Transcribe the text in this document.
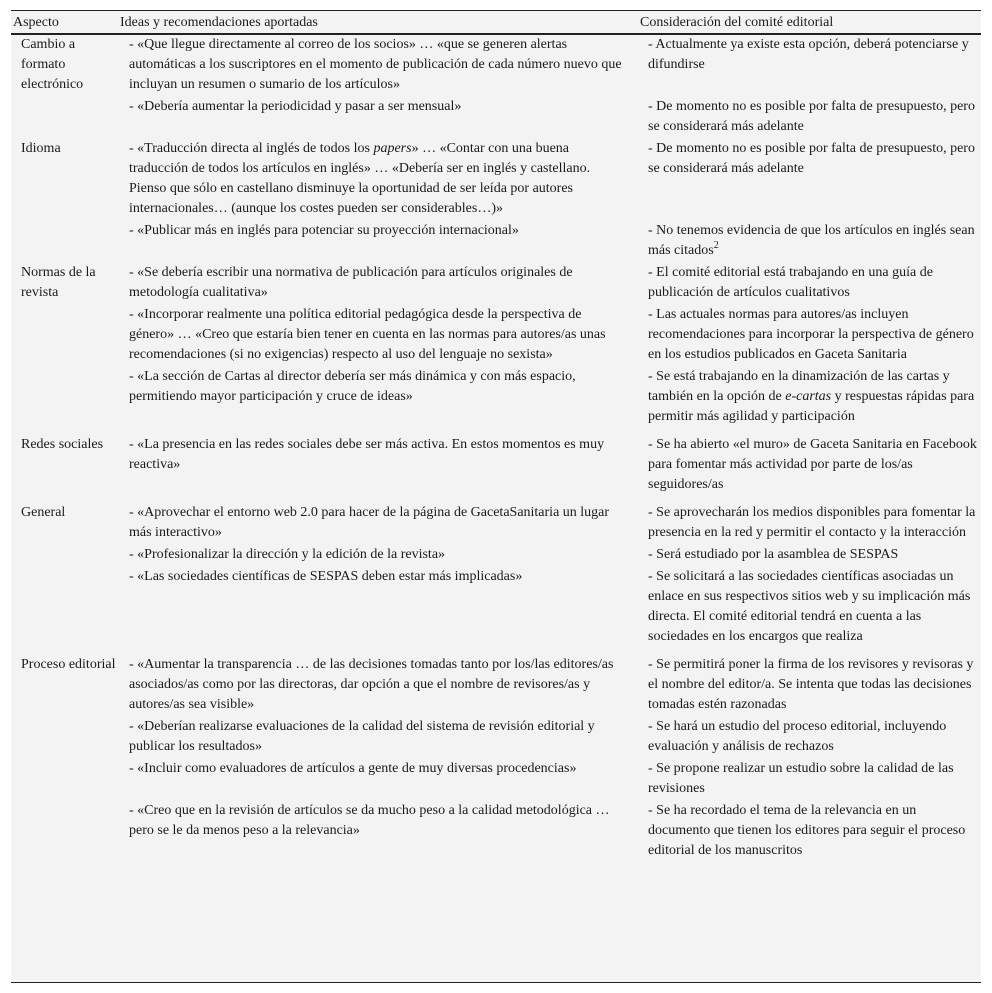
Aspecto	Ideas y recomendaciones aportadas	Consideración del comité editorial
Cambio a formato electrónico	- «Que llegue directamente al correo de los socios» … «que se generen alertas automáticas a los suscriptores en el momento de publicación de cada número nuevo que incluyan un resumen o sumario de los artículos»	- Actualmente ya existe esta opción, deberá potenciarse y difundirse

	- «Debería aumentar la periodicidad y pasar a ser mensual»	- De momento no es posible por falta de presupuesto, pero se considerará más adelante

Idioma	- «Traducción directa al inglés de todos los papers» … «Contar con una buena traducción de todos los artículos en inglés» … «Debería ser en inglés y castellano. Pienso que sólo en castellano disminuye la oportunidad de ser leída por autores internacionales… (aunque los costes pueden ser considerables…)»	- De momento no es posible por falta de presupuesto, pero se considerará más adelante

	- «Publicar más en inglés para potenciar su proyección internacional»	- No tenemos evidencia de que los artículos en inglés sean más citados$^2$

Normas de la revista	- «Se debería escribir una normativa de publicación para artículos originales de metodología cualitativa»	- El comité editorial está trabajando en una guía de publicación de artículos cualitativos

	- «Incorporar realmente una política editorial pedagógica desde la perspectiva de género» … «Creo que estaría bien tener en cuenta en las normas para autores/as unas recomendaciones (si no exigencias) respecto al uso del lenguaje no sexista»	- Las actuales normas para autores/as incluyen recomendaciones para incorporar la perspectiva de género en los estudios publicados en Gaceta Sanitaria

	- «La sección de Cartas al director debería ser más dinámica y con más espacio, permitiendo mayor participación y cruce de ideas»	- Se está trabajando en la dinamización de las cartas y también en la opción de e-cartas y respuestas rápidas para permitir más agilidad y participación

Redes sociales	- «La presencia en las redes sociales debe ser más activa. En estos momentos es muy reactiva»	- Se ha abierto «el muro» de Gaceta Sanitaria en Facebook para fomentar más actividad por parte de los/as seguidores/as

General	- «Aprovechar el entorno web 2.0 para hacer de la página de GacetaSanitaria un lugar más interactivo»	- Se aprovecharán los medios disponibles para fomentar la presencia en la red y permitir el contacto y la interacción

	- «Profesionalizar la dirección y la edición de la revista»	- Será estudiado por la asamblea de SESPAS

	- «Las sociedades científicas de SESPAS deben estar más implicadas»	- Se solicitará a las sociedades científicas asociadas un enlace en sus respectivos sitios web y su implicación más directa. El comité editorial tendrá en cuenta a las sociedades en los encargos que realiza

Proceso editorial	- «Aumentar la transparencia … de las decisiones tomadas tanto por los/las editores/as asociados/as como por las directoras, dar opción a que el nombre de revisores/as y autores/as sea visible»	- Se permitirá poner la firma de los revisores y revisoras y el nombre del editor/a. Se intenta que todas las decisiones tomadas estén razonadas

	- «Deberían realizarse evaluaciones de la calidad del sistema de revisión editorial y publicar los resultados»	- Se hará un estudio del proceso editorial, incluyendo evaluación y análisis de rechazos

	- «Incluir como evaluadores de artículos a gente de muy diversas procedencias»	- Se propone realizar un estudio sobre la calidad de las revisiones

	- «Creo que en la revisión de artículos se da mucho peso a la calidad metodológica … pero se le da menos peso a la relevancia»	- Se ha recordado el tema de la relevancia en un documento que tienen los editores para seguir el proceso editorial de los manuscritos
